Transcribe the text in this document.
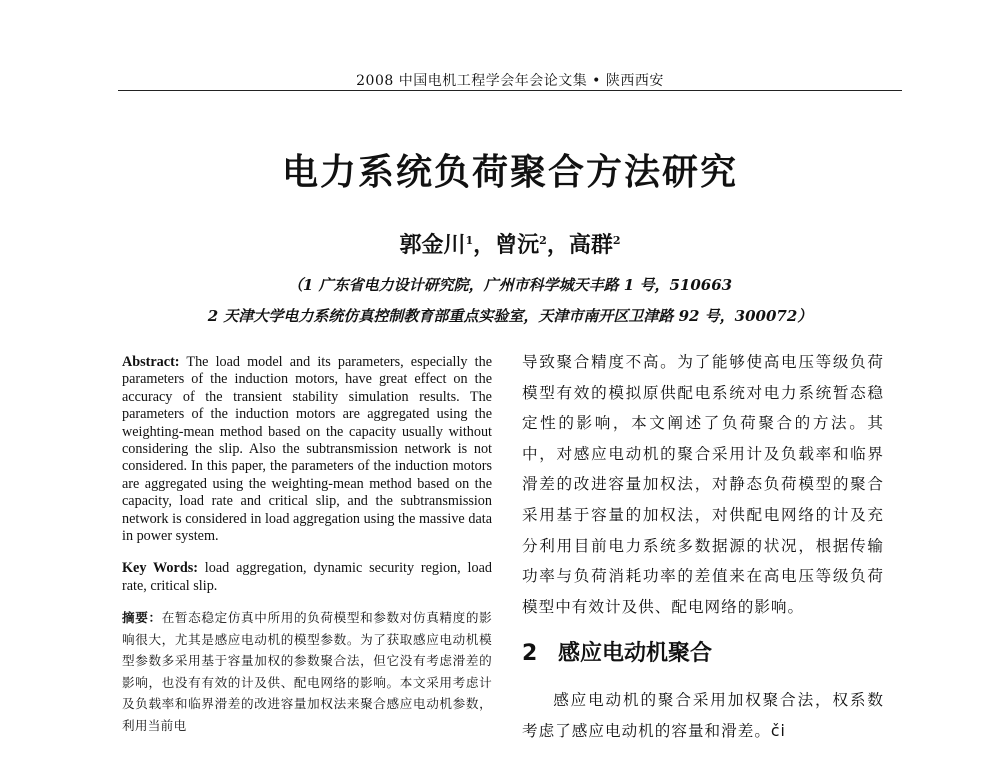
2008 中国电机工程学会年会论文集 • 陕西西安
电力系统负荷聚合方法研究
郭金川$^1$，曾沅$^2$，高群$^2$
（1 广东省电力设计研究院，广州市科学城天丰路 1 号，510663
2 天津大学电力系统仿真控制教育部重点实验室，天津市南开区卫津路 92 号，300072）

Abstract: The load model and its parameters, especially the parameters of the induction motors, have great effect on the accuracy of the transient stability simulation results. The parameters of the induction motors are aggregated using the weighting-mean method based on the capacity usually without considering the slip. Also the subtransmission network is not considered. In this paper, the parameters of the induction motors are aggregated using the weighting-mean method based on the capacity, load rate and critical slip, and the subtransmission network is considered in load aggregation using the massive data in power system.

Key Words: load aggregation, dynamic security region, load rate, critical slip.

摘要：在暂态稳定仿真中所用的负荷模型和参数对仿真精度的影响很大，尤其是感应电动机的模型参数。为了获取感应电动机模型参数多采用基于容量加权的参数聚合法，但它没有考虑滑差的影响，也没有有效的计及供、配电网络的影响。本文采用考虑计及负载率和临界滑差的改进容量加权法来聚合感应电动机参数，利用当前电

导致聚合精度不高。为了能够使高电压等级负荷模型有效的模拟原供配电系统对电力系统暂态稳定性的影响，本文阐述了负荷聚合的方法。其中，对感应电动机的聚合采用计及负载率和临界滑差的改进容量加权法，对静态负荷模型的聚合采用基于容量的加权法，对供配电网络的计及充分利用目前电力系统多数据源的状况，根据传输功率与负荷消耗功率的差值来在高电压等级负荷模型中有效计及供、配电网络的影响。

2 感应电动机聚合

感应电动机的聚合采用加权聚合法，权系数考虑了感应电动机的容量和滑差。či
